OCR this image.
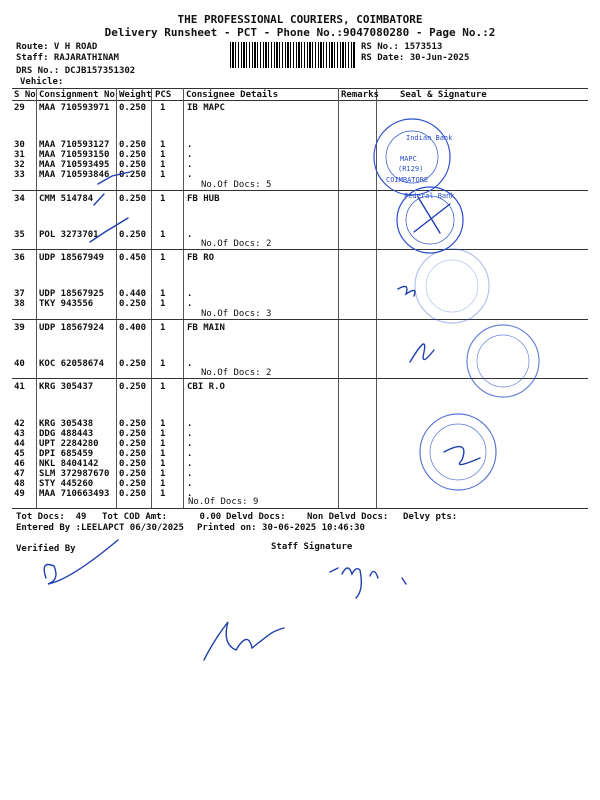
THE PROFESSIONAL COURIERS, COIMBATORE
Delivery Runsheet - PCT - Phone No.:9047080280 - Page No.:2
Route: V H ROAD
Staff: RAJARATHINAM
DRS No.: DCJB157351302
Vehicle:
RS No.: 1573513
RS Date: 30-Jun-2025
S No Consignment No Weight PCS Consignee Details	Remarks Seal & Signature
29 MAA 710593971 0.250 1 IB MAPC
30 MAA 710593127 0.250 1 .
31 MAA 710593150 0.250 1 .
32 MAA 710593495 0.250 1 .
33 MAA 710593846 0.250 1 .
34 CMM 514784	0.250 1 FB HUB
35 POL 3273701 0.250 1 .
36 UDP 18567949 0.450 1 FB RO
37 UDP 18567925 0.440 1 .
38 TKY 943556	0.250 1 .
39 UDP 18567924 0.400 1 FB MAIN
40 KOC 62058674 0.250 1 .
41 KRG 305437	0.250 1 CBI R.O
42 KRG 305438	0.250 1 .
43 DDG 488443	0.250 1 .
44 UPT 2284280 0.250 1 .
45 DPI 685459	0.250 1 .
46 NKL 8404142 0.250 1 .
47 SLM 372987670 0.250 1 .
48 STY 445260	0.250 1 .
49 MAA 710663493 0.250 1 .
No.Of Docs: 5
No.Of Docs: 2
No.Of Docs: 3
No.Of Docs: 2
No.Of Docs: 9
Tot Docs:  49 Tot COD Amt:      0.00 Delvd Docs: Non Delvd Docs: Delvy pts:
Entered By :LEELAPCT 06/30/2025 Printed on: 30-06-2025 10:46:30
Verified By	Staff Signature
Indian Bank
MAPC
(R129)
COIMBATORE
Federal Bank
